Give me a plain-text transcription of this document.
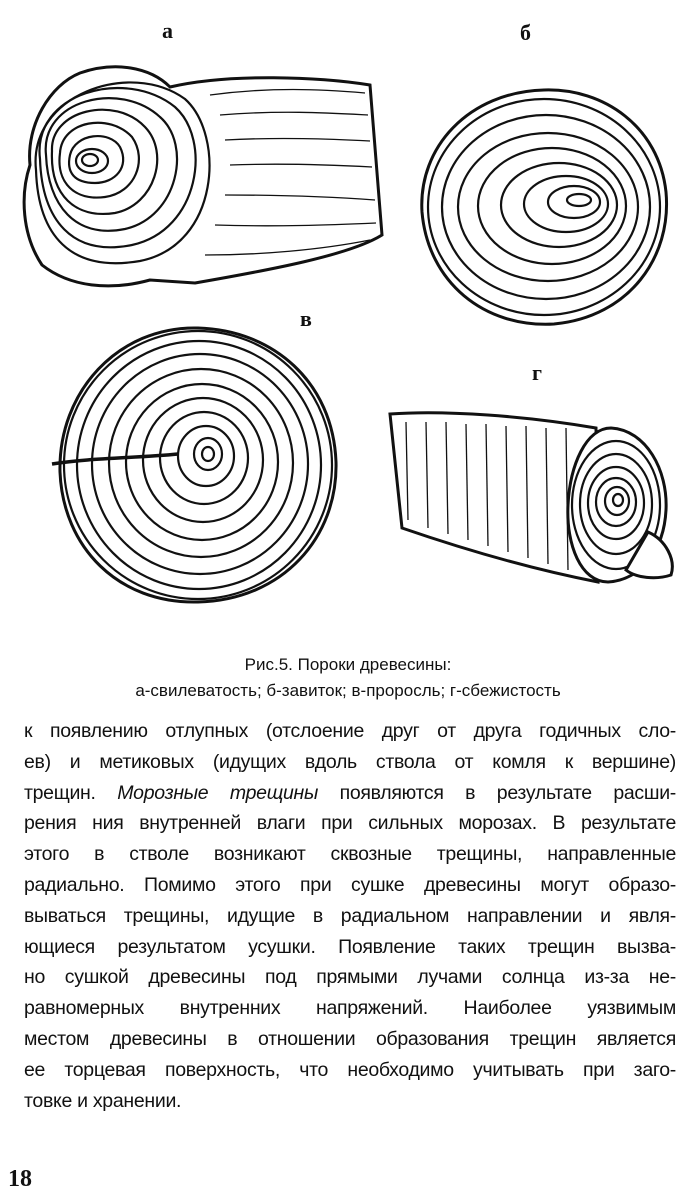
а	б
в
г
Рис.5. Пороки древесины:
а-свилеватость; б-завиток; в-проросль; г-сбежистость
к появлению отлупных (отслоение друг от друга годичных сло-
ев) и метиковых (идущих вдоль ствола от комля к вершине)
трещин. Морозные трещины появляются в результате расши-
рения ния внутренней влаги при сильных морозах. В результате
этого в стволе возникают сквозные трещины, направленные
радиально. Помимо этого при сушке древесины могут образо-
вываться трещины, идущие в радиальном направлении и явля-
ющиеся результатом усушки. Появление таких трещин вызва-
но сушкой древесины под прямыми лучами солнца из-за не-
равномерных внутренних напряжений. Наиболее уязвимым
местом древесины в отношении образования трещин является
ее торцевая поверхность, что необходимо учитывать при заго-
товке и хранении.
18
